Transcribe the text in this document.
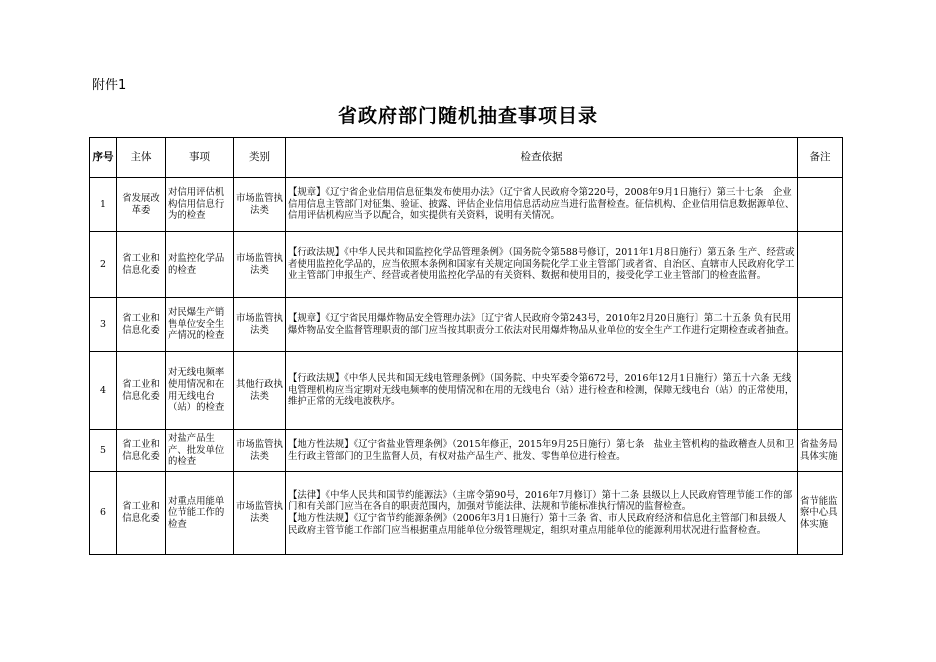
附件1
省政府部门随机抽查事项目录
序号	主体	事项	类别	检查依据	备注
1	省发展改革委	对信用评估机构信用信息行为的检查	市场监管执法类	【规章】《辽宁省企业信用信息征集发布使用办法》（辽宁省人民政府令第220号，2008年9月1日施行）第三十七条　企业信用信息主管部门对征集、验证、披露、评估企业信用信息活动应当进行监督检查。征信机构、企业信用信息数据源单位、信用评估机构应当予以配合，如实提供有关资料，说明有关情况。	

2	省工业和信息化委	对监控化学品的检查	市场监管执法类	【行政法规】《中华人民共和国监控化学品管理条例》（国务院令第588号修订，2011年1月8日施行）第五条 生产、经营或者使用监控化学品的，应当依照本条例和国家有关规定向国务院化学工业主管部门或者省、自治区、直辖市人民政府化学工业主管部门申报生产、经营或者使用监控化学品的有关资料、数据和使用目的，接受化学工业主管部门的检查监督。	

3	省工业和信息化委	对民爆生产销售单位安全生产情况的检查	市场监管执法类	【规章】《辽宁省民用爆炸物品安全管理办法》〔辽宁省人民政府令第243号，2010年2月20日施行〕第二十五条 负有民用爆炸物品安全监督管理职责的部门应当按其职责分工依法对民用爆炸物品从业单位的安全生产工作进行定期检查或者抽查。	

4	省工业和信息化委	对无线电频率使用情况和在用无线电台（站）的检查	其他行政执法类	【行政法规】《中华人民共和国无线电管理条例》（国务院、中央军委令第672号，2016年12月1日施行）第五十六条 无线电管理机构应当定期对无线电频率的使用情况和在用的无线电台（站）进行检查和检测，保障无线电台（站）的正常使用，维护正常的无线电波秩序。	

5	省工业和信息化委	对盐产品生产、批发单位的检查	市场监管执法类	【地方性法规】《辽宁省盐业管理条例》（2015年修正，2015年9月25日施行）第七条　盐业主管机构的盐政稽查人员和卫生行政主管部门的卫生监督人员，有权对盐产品生产、批发、零售单位进行检查。	省盐务局具体实施
6	省工业和信息化委	对重点用能单位节能工作的检查	市场监管执法类	【法律】《中华人民共和国节约能源法》（主席令第90号，2016年7月修订）第十二条 县级以上人民政府管理节能工作的部门和有关部门应当在各自的职责范围内，加强对节能法律、法规和节能标准执行情况的监督检查。
【地方性法规】《辽宁省节约能源条例》（2006年3月1日施行）第十三条 省、市人民政府经济和信息化主管部门和县级人民政府主管节能工作部门应当根据重点用能单位分级管理规定，组织对重点用能单位的能源利用状况进行监督检查。	省节能监察中心具体实施
